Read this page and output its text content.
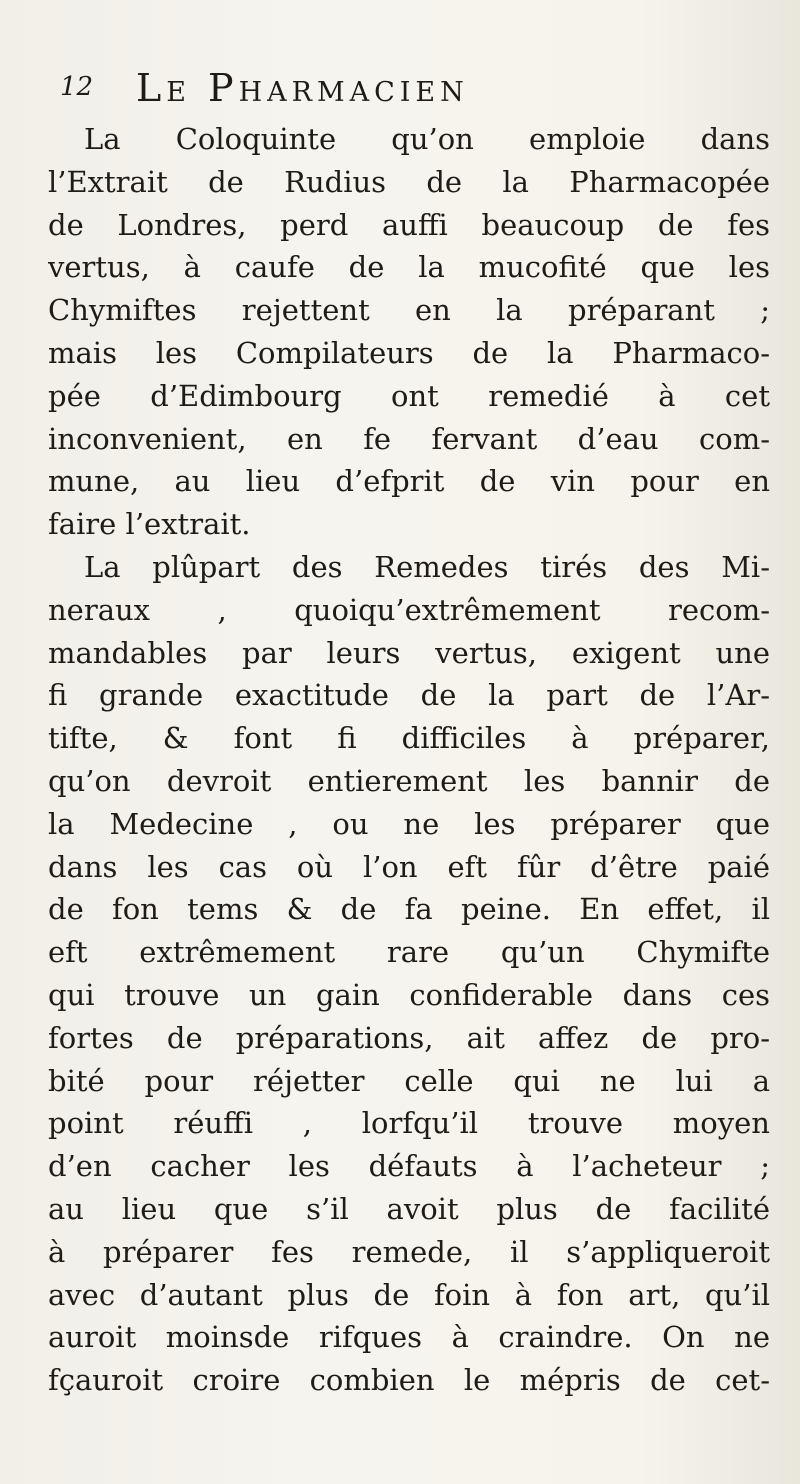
12 Le Pharmacien
La Coloquinte qu’on emploie dans
l’Extrait de Rudius de la Pharmacopée
de Londres, perd auffi beaucoup de fes
vertus, à caufe de la mucofité que les
Chymiftes rejettent en la préparant ;
mais les Compilateurs de la Pharmaco-
pée d’Edimbourg ont remedié à cet
inconvenient, en fe fervant d’eau com-
mune, au lieu d’efprit de vin pour en
faire l’extrait.
La plûpart des Remedes tirés des Mi-
neraux , quoiqu’extrêmement recom-
mandables par leurs vertus, exigent une
fi grande exactitude de la part de l’Ar-
tifte, & font fi difficiles à préparer,
qu’on devroit entierement les bannir de
la Medecine , ou ne les préparer que
dans les cas où l’on eft fûr d’être paié
de fon tems & de fa peine. En effet, il
eft extrêmement rare qu’un Chymifte
qui trouve un gain confiderable dans ces
fortes de préparations, ait affez de pro-
bité pour réjetter celle qui ne lui a
point réuffi , lorfqu’il trouve moyen
d’en cacher les défauts à l’acheteur ;
au lieu que s’il avoit plus de facilité
à préparer fes remede, il s’appliqueroit
avec d’autant plus de foin à fon art, qu’il
auroit moinsde rifques à craindre. On ne
fçauroit croire combien le mépris de cet-
